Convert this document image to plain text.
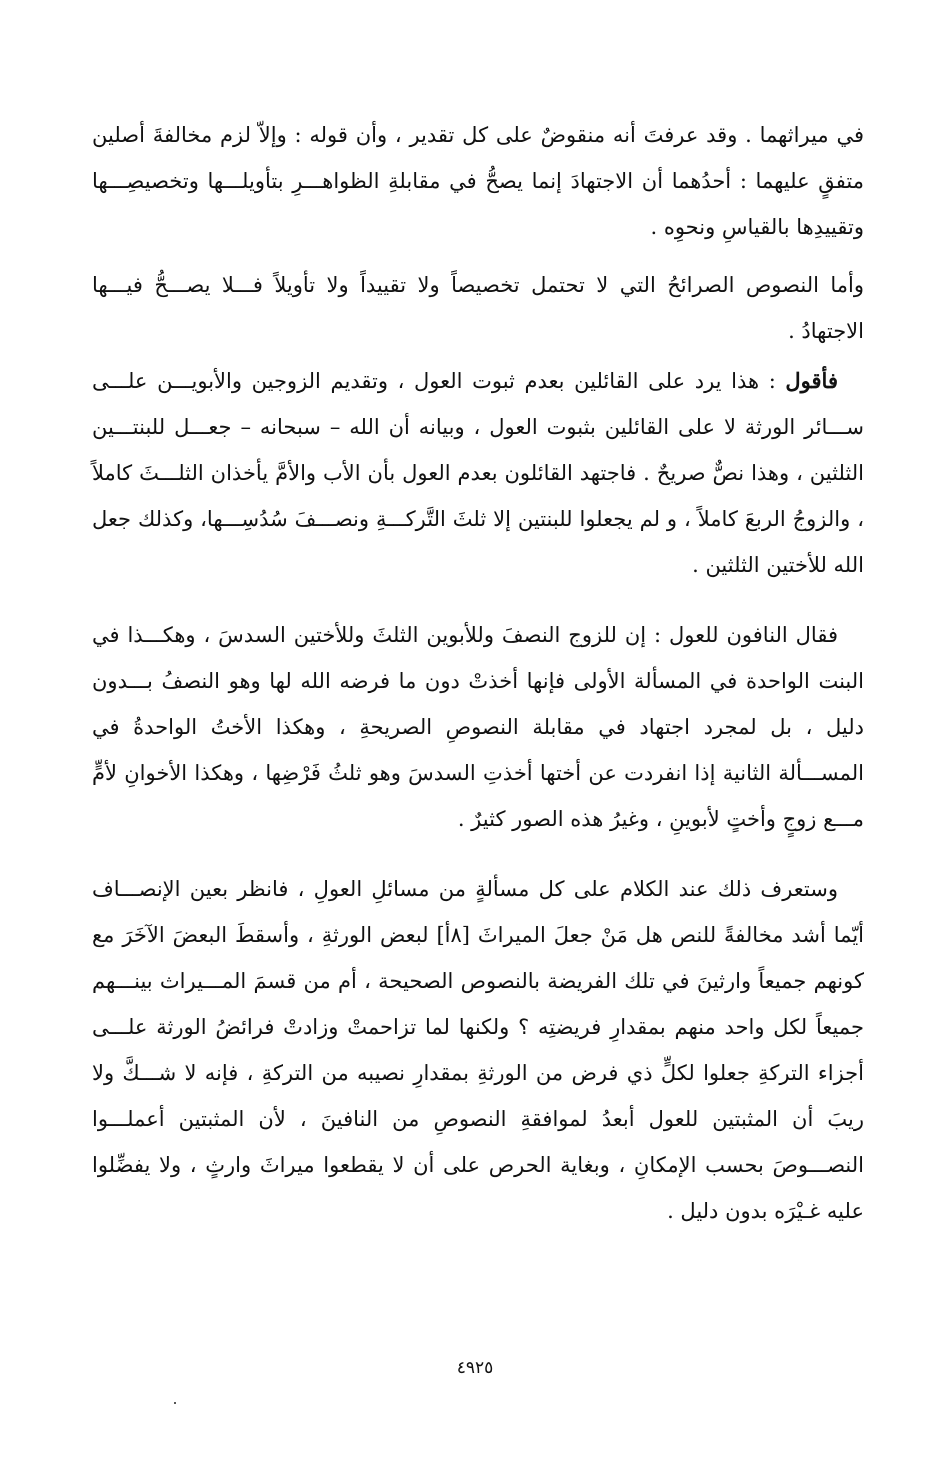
في ميراثهما . وقد عرفتَ أنه منقوضٌ على كل تقدير ، وأن قوله : وإلاّ لزم مخالفةَ أصلين متفقٍ عليهما : أحدُهما أن الاجتهادَ إنما يصحُّ في مقابلةِ الظواهـــرِ بتأويلـــها وتخصيصِـــها وتقييدِها بالقياسِ ونحوِه .

وأما النصوص الصرائحُ التي لا تحتمل تخصيصاً ولا تقييداً ولا تأويلاً فـــلا يصـــحُّ فيـــها الاجتهادُ .

فأقول : هذا يرد على القائلين بعدم ثبوت العول ، وتقديم الزوجين والأبويـــن علـــى ســـائر الورثة لا على القائلين بثبوت العول ، وبيانه أن الله – سبحانه – جعـــل للبنتـــين الثلثين ، وهذا نصٌّ صريحٌ . فاجتهد القائلون بعدم العول بأن الأب والأمَّ يأخذان الثلـــثَ كاملاً ، والزوجُ الربعَ كاملاً ، و لم يجعلوا للبنتين إلا ثلثَ التَّركـــةِ ونصـــفَ سُدُسِـــها، وكذلك جعل الله للأختين الثلثين .

فقال النافون للعول : إن للزوج النصفَ وللأبوين الثلثَ وللأختين السدسَ ، وهكـــذا في البنت الواحدة في المسألة الأولى فإنها أخذتْ دون ما فرضه الله لها وهو النصفُ بـــدون دليل ، بل لمجرد اجتهاد في مقابلة النصوصِ الصريحةِ ، وهكذا الأختُ الواحدةُ في المســـألة الثانية إذا انفردت عن أختها أخذتِ السدسَ وهو ثلثُ فَرْضِها ، وهكذا الأخوانِ لأمٍّ مـــع زوجٍ وأختٍ لأبوينِ ، وغيرُ هذه الصور كثيرٌ .

وستعرف ذلك عند الكلام على كل مسألةٍ من مسائلِ العولِ ، فانظر بعين الإنصـــاف أيّما أشد مخالفةً للنص هل مَنْ جعلَ الميراثَ [٨أ] لبعض الورثةِ ، وأسقطَ البعضَ الآخَرَ مع كونهم جميعاً وارثينَ في تلك الفريضة بالنصوص الصحيحة ، أم من قسمَ المـــيراث بينـــهم جميعاً لكل واحد منهم بمقدارِ فريضتِه ؟ ولكنها لما تزاحمتْ وزادتْ فرائضُ الورثة علـــى أجزاء التركةِ جعلوا لكلٍّ ذي فرض من الورثةِ بمقدارِ نصيبه من التركةِ ، فإنه لا شـــكَّ ولا ريبَ أن المثبتين للعول أبعدُ لموافقةِ النصوصِ من النافينَ ، لأن المثبتين أعملـــوا النصـــوصَ بحسب الإمكانِ ، وبغاية الحرص على أن لا يقطعوا ميراثَ وارثٍ ، ولا يفضِّلوا عليه غـيْرَه بدون دليل .

٤٩٢٥
